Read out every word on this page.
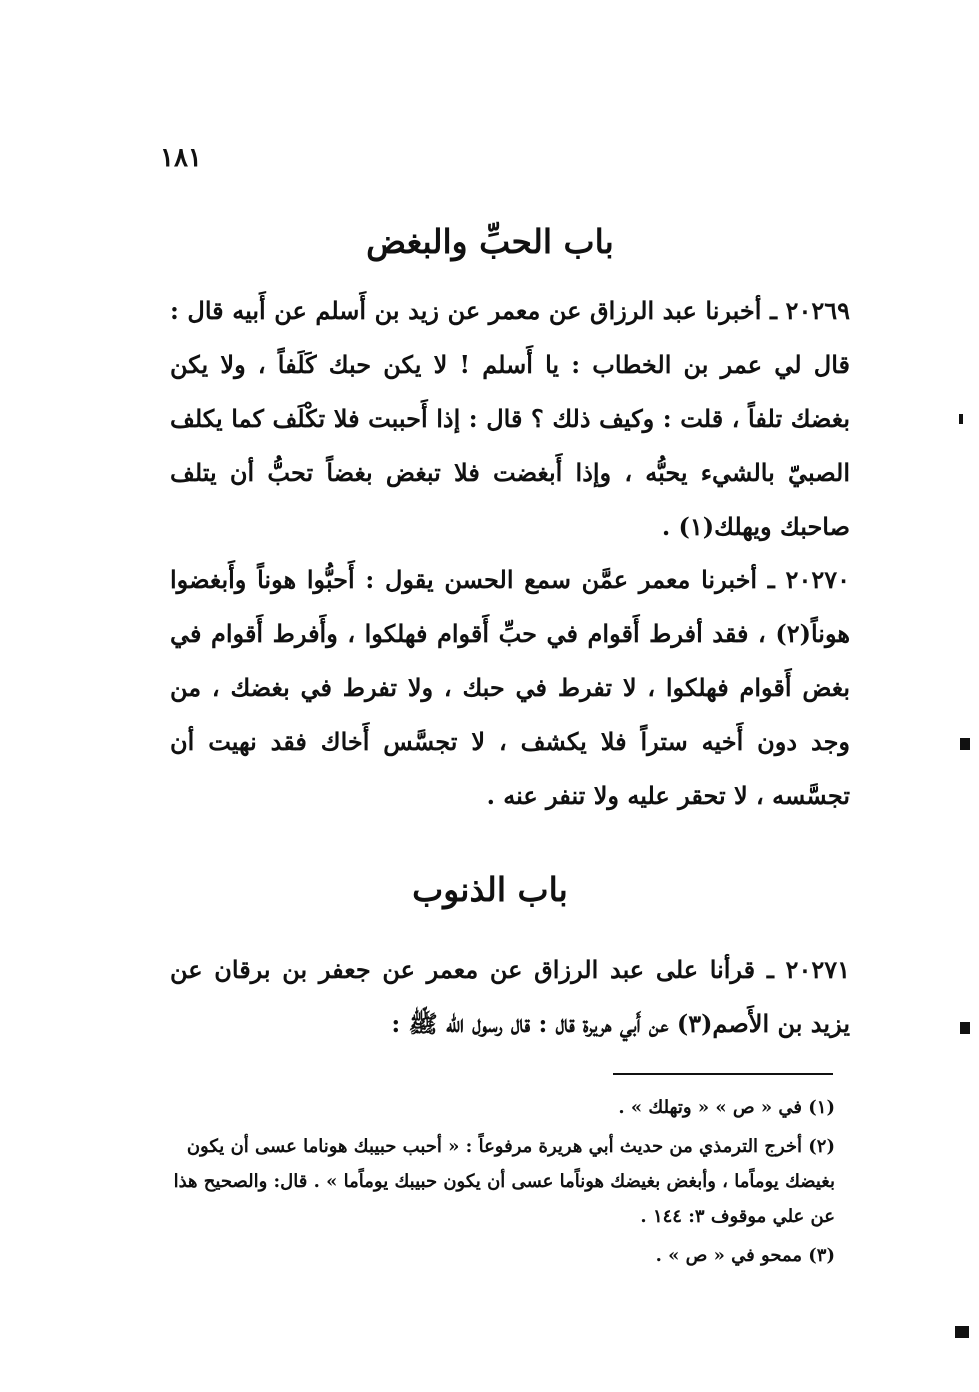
١٨١
باب الحبِّ والبغض
٢٠٢٦٩ ـ أخبرنا عبد الرزاق عن معمر عن زيد بن أَسلم عن أَبيه قال : قال لي عمر بن الخطاب : يا أَسلم ! لا يكن حبك كَلَفاً ، ولا يكن بغضك تلفاً ، قلت : وكيف ذلك ؟ قال : إذا أَحببت فلا تكْلَف كما يكلف الصبيّ بالشيء يحبُّه ، وإذا أَبغضت فلا تبغض بغضاً تحبُّ أن يتلف صاحبك ويهلك(١) .
٢٠٢٧٠ ـ أخبرنا معمر عمَّن سمع الحسن يقول : أَحبُّوا هوناً وأَبغضوا هوناً(٢) ، فقد أفرط أَقوام في حبِّ أَقوام فهلكوا ، وأَفرط أَقوام في بغض أَقوام فهلكوا ، لا تفرط في حبك ، ولا تفرط في بغضك ، من وجد دون أَخيه ستراً فلا يكشف ، لا تجسَّس أَخاك فقد نهيت أن تجسَّسه ، لا تحقر عليه ولا تنفر عنه .
باب الذنوب
٢٠٢٧١ ـ قرأنا على عبد الرزاق عن معمر عن جعفر بن برقان عن يزيد بن الأَصم(٣) عن أَبي هريرة قال : قال رسول الله ﷺ :

(١) في « ص » « وتهلك » .

(٢) أخرج الترمذي من حديث أبي هريرة مرفوعاً : « أحبب حبيبك هوناما عسى أن يكون بغيضك يوماًما ، وأبغض بغيضك هوناًما عسى أن يكون حبيبك يوماًما » . قال: والصحيح هذا عن علي موقوف ٣: ١٤٤ .

(٣) ممحو في « ص » .
